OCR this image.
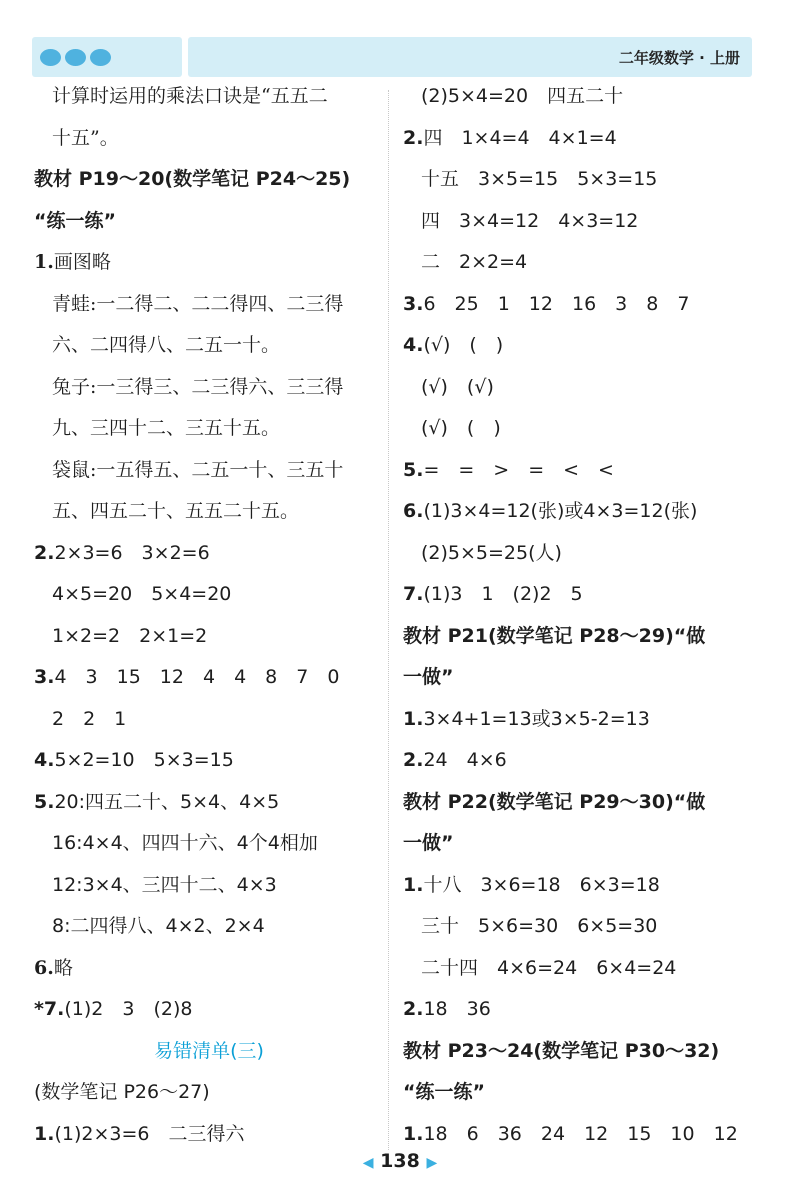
二年级数学 · 上册
计算时运用的乘法口诀是“五五二
十五”。
教材 P19～20(数学笔记 P24～25)
“练一练”
1.画图略
青蛙:一二得二、二二得四、二三得
六、二四得八、二五一十。
兔子:一三得三、二三得六、三三得
九、三四十二、三五十五。
袋鼠:一五得五、二五一十、三五十
五、四五二十、五五二十五。
2.2×3=6　3×2=6
4×5=20　5×4=20
1×2=2　2×1=2
3.4　3　15　12　4　4　8　7　0
2　2　1
4.5×2=10　5×3=15
5.20:四五二十、5×4、4×5
16:4×4、四四十六、4个4相加
12:3×4、三四十二、4×3
8:二四得八、4×2、2×4
6.略
*7.(1)2　3　(2)8
易错清单(三)
(数学笔记 P26～27)
1.(1)2×3=6　二三得六
(2)5×4=20　四五二十
2.四　1×4=4　4×1=4
十五　3×5=15　5×3=15
四　3×4=12　4×3=12
二　2×2=4
3.6　25　1　12　16　3　8　7
4.(√)　(　)
(√)　(√)
(√)　(　)
5.=　=　>　=　<　<
6.(1)3×4=12(张)或4×3=12(张)
(2)5×5=25(人)
7.(1)3　1　(2)2　5
教材 P21(数学笔记 P28～29)“做
一做”
1.3×4+1=13或3×5-2=13
2.24　4×6
教材 P22(数学笔记 P29～30)“做
一做”
1.十八　3×6=18　6×3=18
三十　5×6=30　6×5=30
二十四　4×6=24　6×4=24
2.18　36
教材 P23～24(数学笔记 P30～32)
“练一练”
1.18　6　36　24　12　15　10　12
◀ 138 ▶
